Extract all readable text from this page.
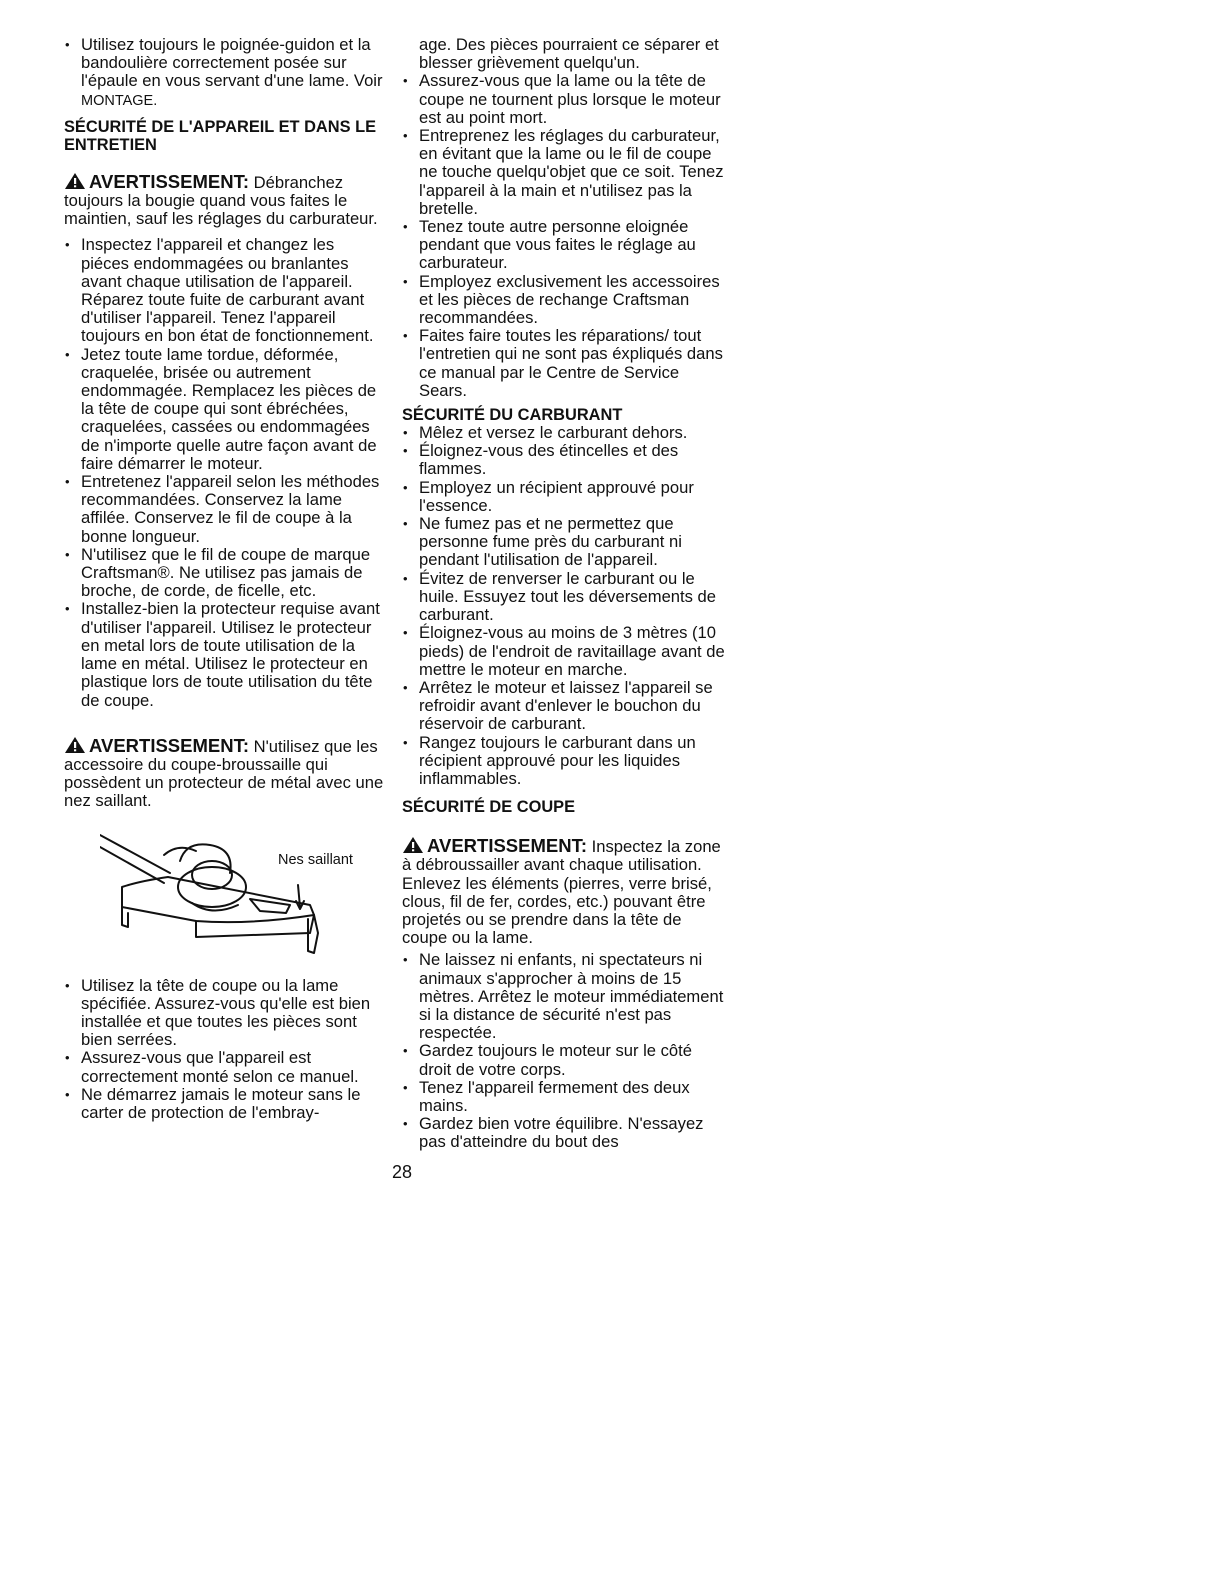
• Utilisez toujours le poignée-guidon et la bandoulière correctement posée sur l'épaule en vous servant d'une lame. Voir MONTAGE.
SÉCURITÉ DE L'APPAREIL ET DANS LE ENTRETIEN

AVERTISSEMENT: Débranchez toujours la bougie quand vous faites le maintien, sauf les réglages du carburateur.

• Inspectez l'appareil et changez les piéces endommagées ou branlantes avant chaque utilisation de l'appareil. Réparez toute fuite de carburant avant d'utiliser l'appareil. Tenez l'appareil toujours en bon état de fonctionnement.
• Jetez toute lame tordue, déformée, craquelée, brisée ou autrement endommagée. Remplacez les pièces de la tête de coupe qui sont ébréchées, craquelées, cassées ou endommagées de n'importe quelle autre façon avant de faire démarrer le moteur.
• Entretenez l'appareil selon les méthodes recommandées. Conservez la lame affilée. Conservez le fil de coupe à la bonne longueur.
• N'utilisez que le fil de coupe de marque Craftsman®. Ne utilisez pas jamais de broche, de corde, de ficelle, etc.
• Installez-bien la protecteur requise avant d'utiliser l'appareil. Utilisez le protecteur en metal lors de toute utilisation de la lame en métal. Utilisez le protecteur en plastique lors de toute utilisation du tête de coupe.

AVERTISSEMENT: N'utilisez que les accessoire du coupe-broussaille qui possèdent un protecteur de métal avec une nez saillant.

Nes saillant
• Utilisez la tête de coupe ou la lame spécifiée. Assurez-vous qu'elle est bien installée et que toutes les pièces sont bien serrées.
• Assurez-vous que l'appareil est correctement monté selon ce manuel.
• Ne démarrez jamais le moteur sans le carter de protection de l'embray-

age. Des pièces pourraient ce séparer et blesser grièvement quelqu'un.

• Assurez-vous que la lame ou la tête de coupe ne tournent plus lorsque le moteur est au point mort.
• Entreprenez les réglages du carburateur, en évitant que la lame ou le fil de coupe ne touche quelqu'objet que ce soit. Tenez l'appareil à la main et n'utilisez pas la bretelle.
• Tenez toute autre personne eloignée pendant que vous faites le réglage au carburateur.
• Employez exclusivement les accessoires et les pièces de rechange Craftsman recommandées.
• Faites faire toutes les réparations/ tout l'entretien qui ne sont pas éxpliqués dans ce manual par le Centre de Service Sears.
SÉCURITÉ DU CARBURANT
• Mêlez et versez le carburant dehors.
• Éloignez-vous des étincelles et des flammes.
• Employez un récipient approuvé pour l'essence.
• Ne fumez pas et ne permettez que personne fume près du carburant ni pendant l'utilisation de l'appareil.
• Évitez de renverser le carburant ou le huile. Essuyez tout les déversements de carburant.
• Éloignez-vous au moins de 3 mètres (10 pieds) de l'endroit de ravitaillage avant de mettre le moteur en marche.
• Arrêtez le moteur et laissez l'appareil se refroidir avant d'enlever le bouchon du réservoir de carburant.
• Rangez toujours le carburant dans un récipient approuvé pour les liquides inflammables.
SÉCURITÉ DE COUPE

AVERTISSEMENT: Inspectez la zone à débroussailler avant chaque utilisation. Enlevez les éléments (pierres, verre brisé, clous, fil de fer, cordes, etc.) pouvant être projetés ou se prendre dans la tête de coupe ou la lame.

• Ne laissez ni enfants, ni spectateurs ni animaux s'approcher à moins de 15 mètres. Arrêtez le moteur immédiatement si la distance de sécurité n'est pas respectée.
• Gardez toujours le moteur sur le côté droit de votre corps.
• Tenez l'appareil fermement des deux mains.
• Gardez bien votre équilibre. N'essayez pas d'atteindre du bout des
28
